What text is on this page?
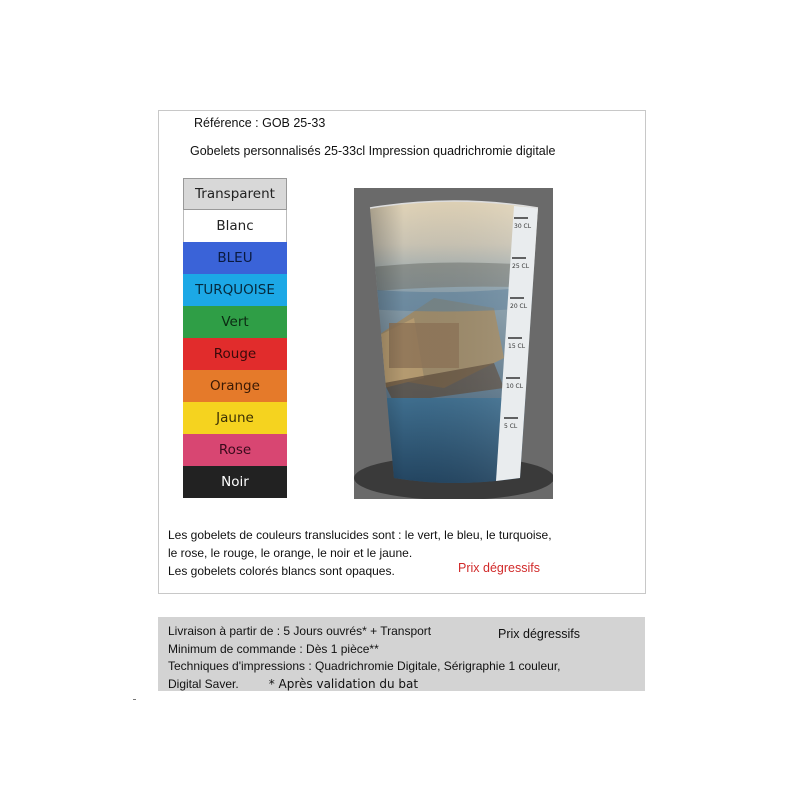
Référence : GOB 25-33
Gobelets personnalisés 25-33cl Impression quadrichromie digitale
Transparent
Blanc
BLEU
TURQUOISE
Vert
Rouge
Orange
Jaune
Rose
Noir
30 CL
25 CL
20 CL
15 CL
10 CL
5 CL
Les gobelets de couleurs translucides sont : le vert, le bleu, le turquoise,
le rose, le rouge, le orange, le noir et le jaune.
Les gobelets colorés blancs sont opaques.	Prix dégressifs
Livraison à partir de : 5 Jours ouvrés* + Transport
Minimum de commande : Dès 1 pièce**
Techniques d'impressions : Quadrichromie Digitale, Sérigraphie 1 couleur,
Digital Saver.	* Après validation du bat
Prix dégressifs
